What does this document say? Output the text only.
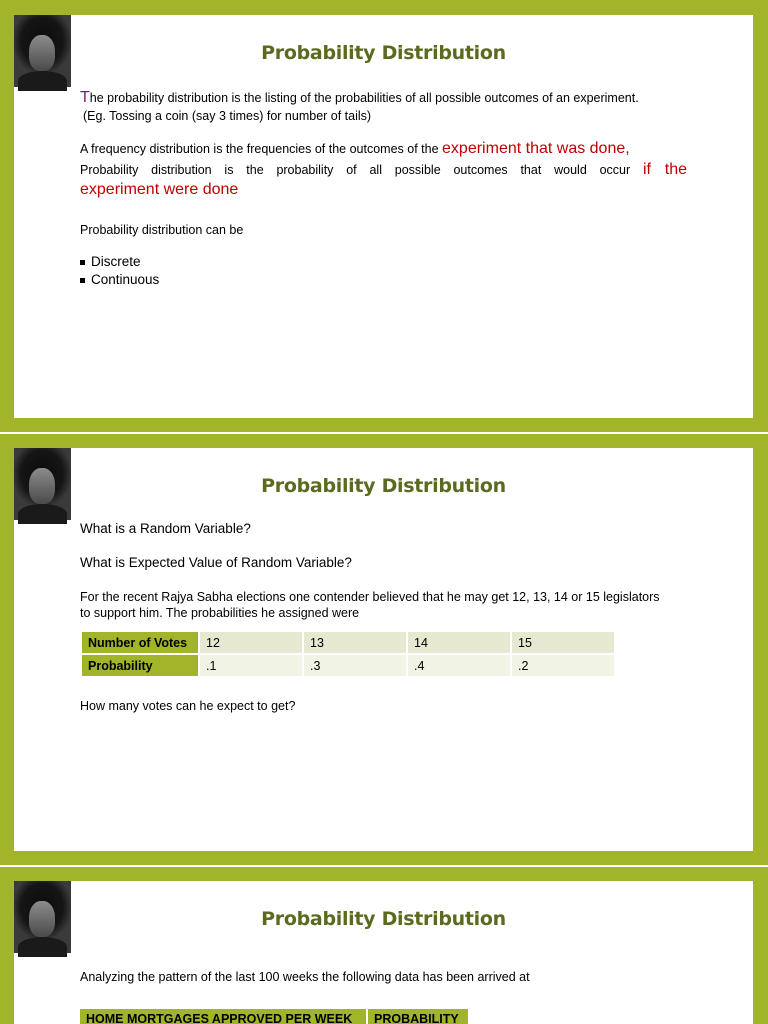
Probability Distribution
The probability distribution is the listing of the probabilities of all possible outcomes of an experiment.
(Eg. Tossing a coin (say 3 times) for number of tails)
A frequency distribution is the frequencies of the outcomes of the experiment that was done,
Probability distribution is the probability of all possible outcomes that would occur if the
experiment were done
Probability distribution can be
Discrete
Continuous
Probability Distribution
What is a Random Variable?
What is Expected Value of Random Variable?
For the recent Rajya Sabha elections one contender believed that he may get 12, 13, 14 or 15 legislators
to support him. The probabilities he assigned were
Number of Votes	12	13	14	15
Probability	.1	.3	.4	.2
How many votes can he expect to get?
Probability Distribution
Analyzing the pattern of the last 100 weeks the following data has been arrived at
HOME MORTGAGES APPROVED PER WEEK	PROBABILITY
